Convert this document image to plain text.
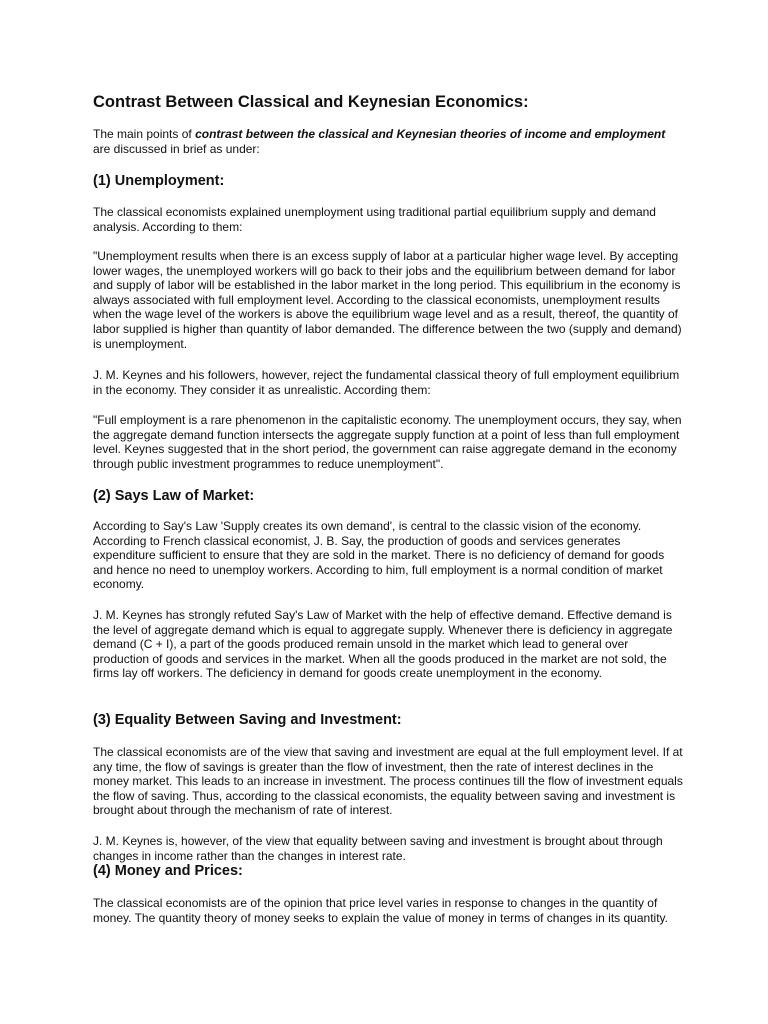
Contrast Between Classical and Keynesian Economics:

The main points of contrast between the classical and Keynesian theories of income and employment are discussed in brief as under:

(1) Unemployment:

The classical economists explained unemployment using traditional partial equilibrium supply and demand analysis. According to them:

"Unemployment results when there is an excess supply of labor at a particular higher wage level. By accepting lower wages, the unemployed workers will go back to their jobs and the equilibrium between demand for labor and supply of labor will be established in the labor market in the long period. This equilibrium in the economy is always associated with full employment level. According to the classical economists, unemployment results when the wage level of the workers is above the equilibrium wage level and as a result, thereof, the quantity of labor supplied is higher than quantity of labor demanded. The difference between the two (supply and demand) is unemployment.

J. M. Keynes and his followers, however, reject the fundamental classical theory of full employment equilibrium in the economy. They consider it as unrealistic. According them:

"Full employment is a rare phenomenon in the capitalistic economy. The unemployment occurs, they say, when the aggregate demand function intersects the aggregate supply function at a point of less than full employment level. Keynes suggested that in the short period, the government can raise aggregate demand in the economy through public investment programmes to reduce unemployment".

(2) Says Law of Market:

According to Say's Law 'Supply creates its own demand', is central to the classic vision of the economy. According to French classical economist, J. B. Say, the production of goods and services generates expenditure sufficient to ensure that they are sold in the market. There is no deficiency of demand for goods and hence no need to unemploy workers. According to him, full employment is a normal condition of market economy.

J. M. Keynes has strongly refuted Say's Law of Market with the help of effective demand. Effective demand is the level of aggregate demand which is equal to aggregate supply. Whenever there is deficiency in aggregate demand (C + I), a part of the goods produced remain unsold in the market which lead to general over production of goods and services in the market. When all the goods produced in the market are not sold, the firms lay off workers. The deficiency in demand for goods create unemployment in the economy.

(3) Equality Between Saving and Investment:

The classical economists are of the view that saving and investment are equal at the full employment level. If at any time, the flow of savings is greater than the flow of investment, then the rate of interest declines in the money market. This leads to an increase in investment. The process continues till the flow of investment equals the flow of saving. Thus, according to the classical economists, the equality between saving and investment is brought about through the mechanism of rate of interest.

J. M. Keynes is, however, of the view that equality between saving and investment is brought about through changes in income rather than the changes in interest rate.

(4) Money and Prices:

The classical economists are of the opinion that price level varies in response to changes in the quantity of money. The quantity theory of money seeks to explain the value of money in terms of changes in its quantity.
